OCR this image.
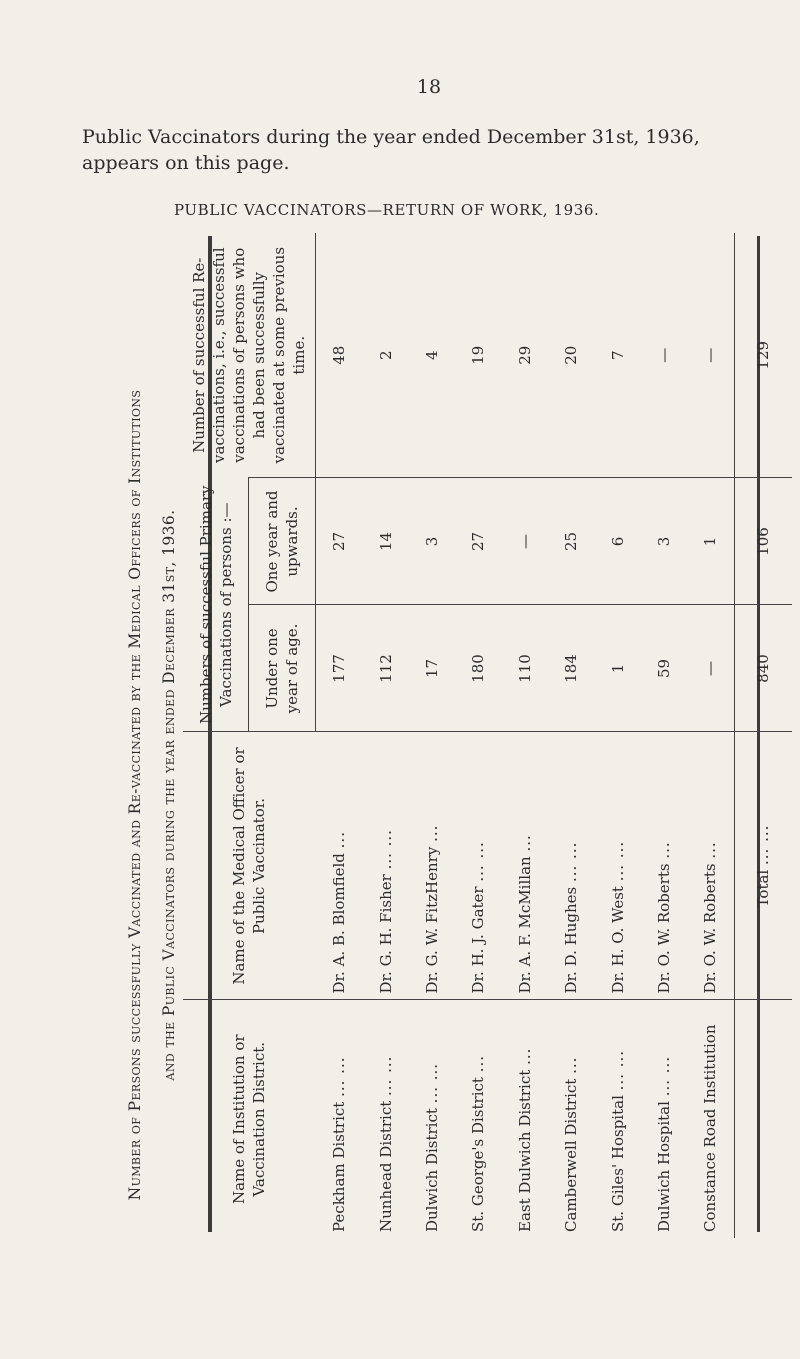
18

Public Vaccinators during the year ended December 31st, 1936, appears on this page.

PUBLIC VACCINATORS—RETURN OF WORK, 1936.
Number of Persons successfully Vaccinated and Re-vaccinated by the Medical Officers of Institutions	and the Public Vaccinators during the year ended December 31st, 1936.
Name of Institution or Vaccination District.	Name of the Medical Officer or Public Vaccinator.	Numbers of successful Primary Vaccinations of persons :—		Number of successful Re-vaccinations, i.e., successful vaccinations of persons who had been successfully vaccinated at some previous time.
		Under one year of age.	One year and upwards.	
Peckham District ... ...	Dr. A. B. Blomfield ...	177	27	48
Nunhead District ... ...	Dr. G. H. Fisher ... ...	112	14	2
Dulwich District ... ...	Dr. G. W. FitzHenry ...	17	3	4
St. George's District ...	Dr. H. J. Gater ... ...	180	27	19
East Dulwich District ...	Dr. A. F. McMillan ...	110	—	29
Camberwell District ...	Dr. D. Hughes ... ...	184	25	20
St. Giles' Hospital ... ...	Dr. H. O. West ... ...	1	6	7
Dulwich Hospital ... ...	Dr. O. W. Roberts ...	59	3	—
Constance Road Institution	Dr. O. W. Roberts ...	—	1	—
	Total ... ...	840	106	129
